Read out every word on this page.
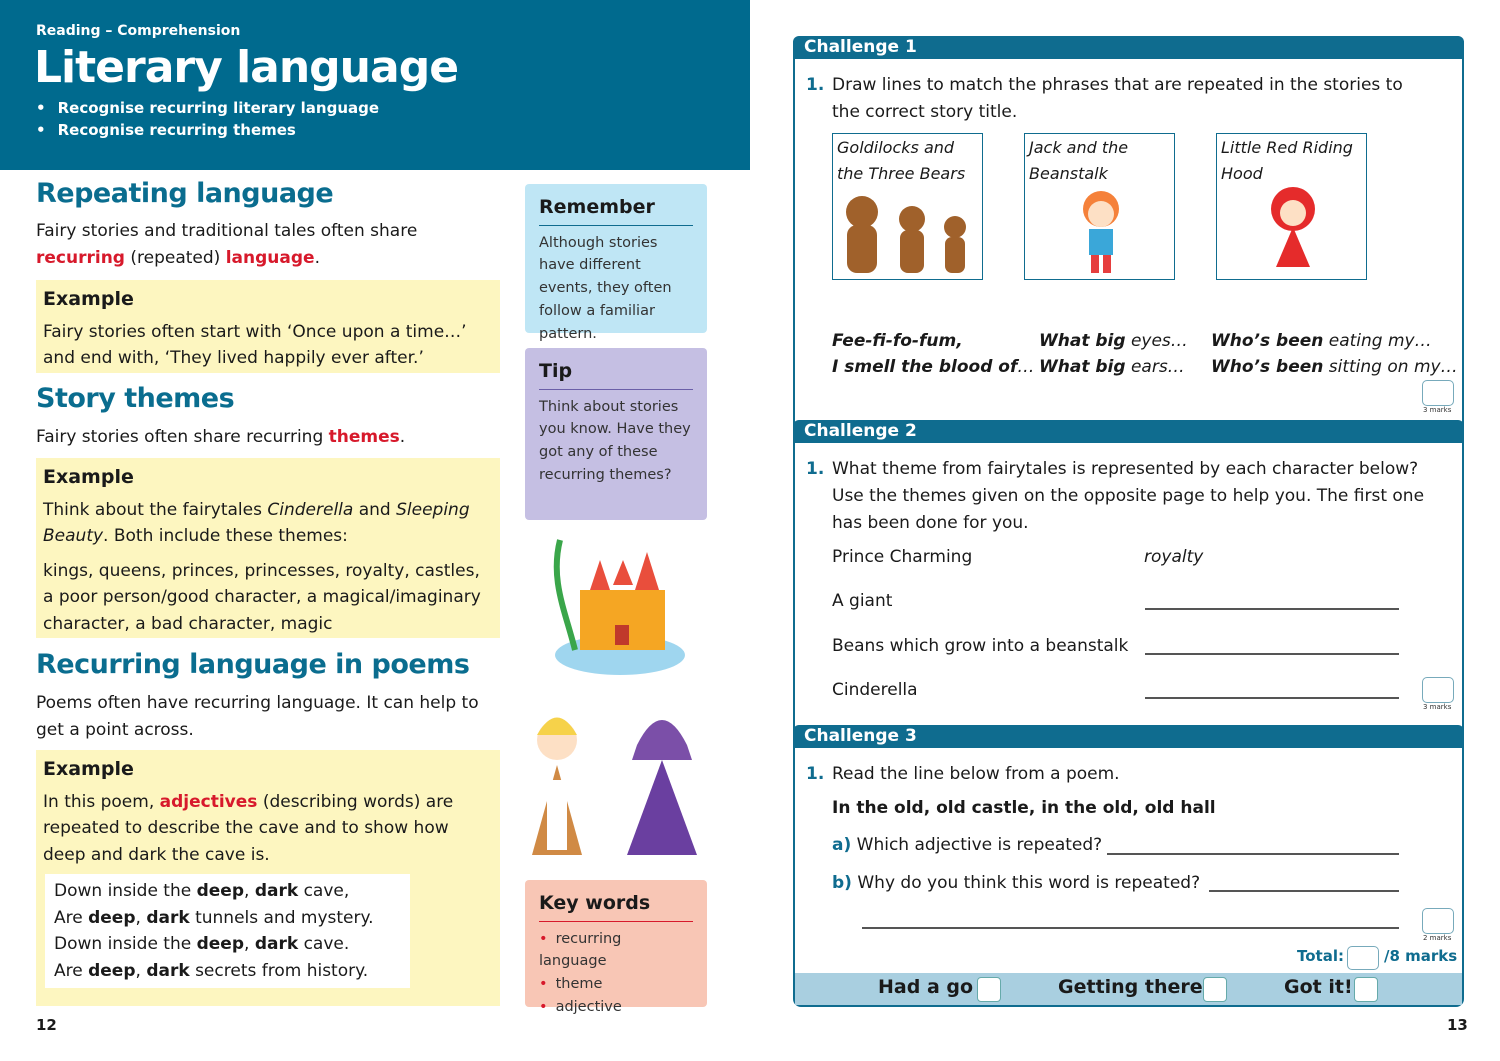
Reading – Comprehension
Literary language
• Recognise recurring literary language
• Recognise recurring themes
Repeating language

Fairy stories and traditional tales often share
recurring (repeated) language.

Example
Fairy stories often start with ‘Once upon a time…’ and end with, ‘They lived happily ever after.’
Story themes

Fairy stories often share recurring themes.

Example
Think about the fairytales Cinderella and Sleeping Beauty. Both include these themes:
kings, queens, princes, princesses, royalty, castles, a poor person/good character, a magical/imaginary character, a bad character, magic
Recurring language in poems

Poems often have recurring language. It can help to get a point across.

Example
In this poem, adjectives (describing words) are repeated to describe the cave and to show how deep and dark the cave is.
Down inside the deep, dark cave,
Are deep, dark tunnels and mystery.
Down inside the deep, dark cave.
Are deep, dark secrets from history.
12
Remember
Although stories have different events, they often follow a familiar pattern.
Tip
Think about stories you know. Have they got any of these recurring themes?
Key words
• recurring language
• theme
• adjective
Challenge 1
1. Draw lines to match the phrases that are repeated in the stories to the correct story title.
Goldilocks and the Three Bears
Jack and the Beanstalk
Little Red Riding Hood
Fee-fi-fo-fum,
I smell the blood of…
What big eyes…
What big ears…
Who’s been eating my…
Who’s been sitting on my…
3 marks
Challenge 2
1. What theme from fairytales is represented by each character below? Use the themes given on the opposite page to help you. The first one has been done for you.
Prince Charming	royalty
A giant
Beans which grow into a beanstalk
Cinderella
3 marks
Challenge 3
1. Read the line below from a poem.
In the old, old castle, in the old, old hall
a) Which adjective is repeated?
b) Why do you think this word is repeated?
2 marks
Total:	/8 marks
Had a go	Getting there	Got it!
13
